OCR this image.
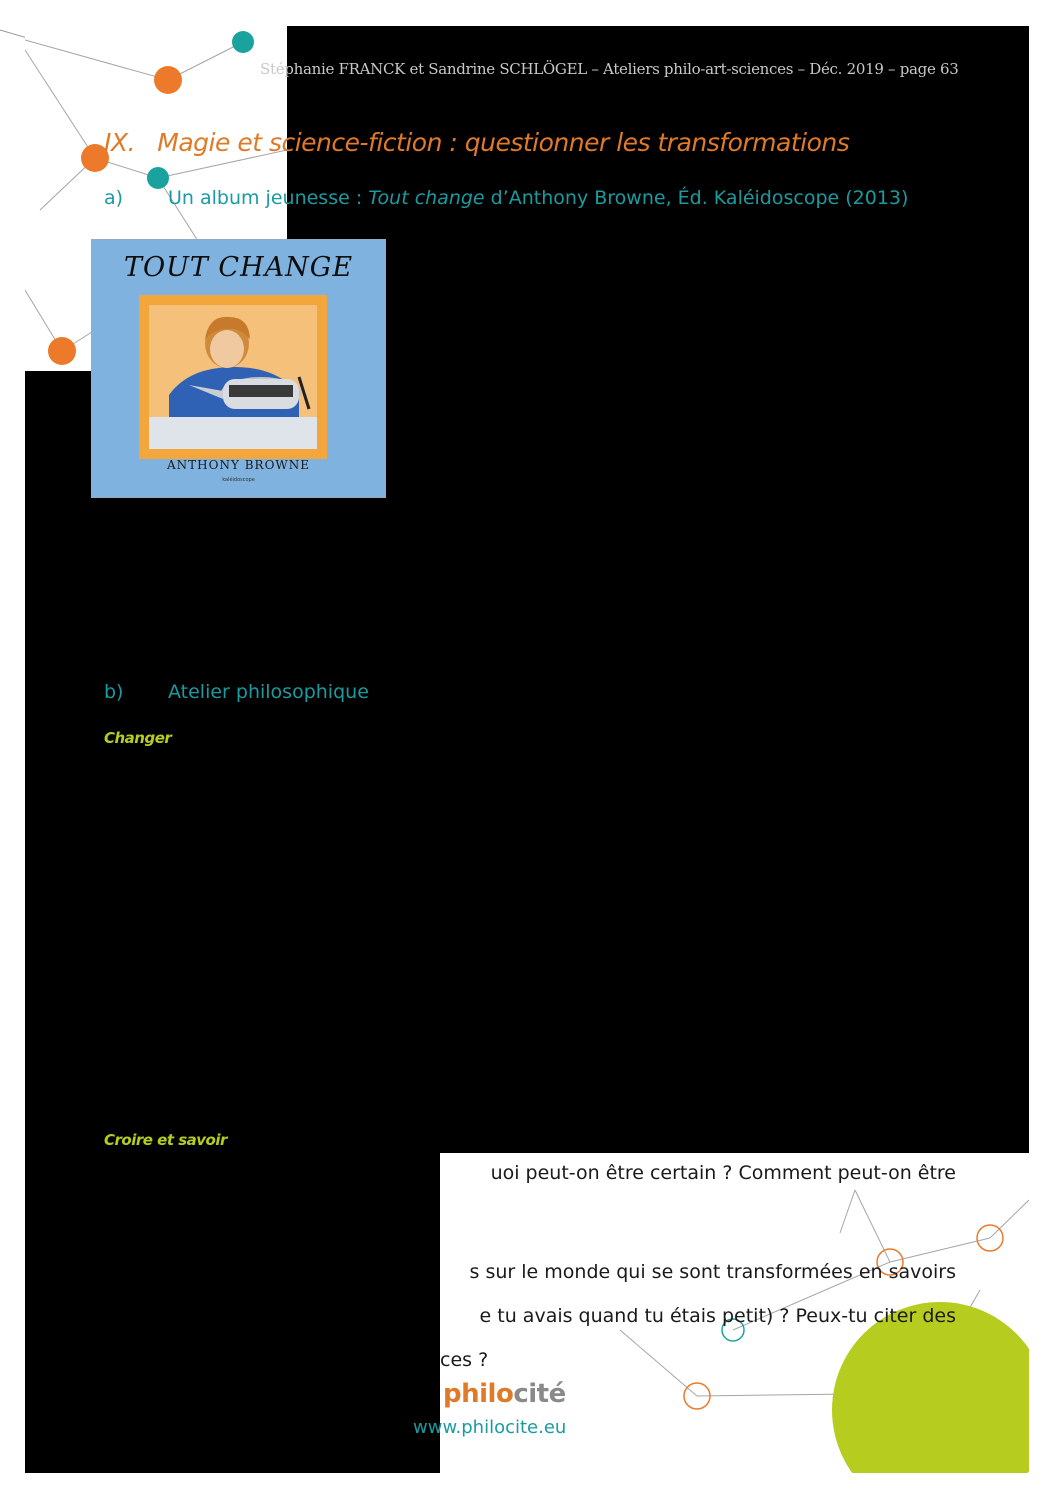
Stéphanie FRANCK et Sandrine SCHLÖGEL – Ateliers philo-art-sciences – Déc. 2019 – page 63
IX. Magie et science-fiction : questionner les transformations
a) Un album jeunesse : Tout change d’Anthony Browne, Éd. Kaléidoscope (2013)
TOUT CHANGE
ANTHONY BROWNE
kaléidoscope
b) Atelier philosophique
Changer
Croire et savoir
uoi peut-on être certain ? Comment peut-on être
s sur le monde qui se sont transformées en savoirs
e tu avais quand tu étais petit) ? Peux-tu citer des
ces ?
philocité
www.philocite.eu
